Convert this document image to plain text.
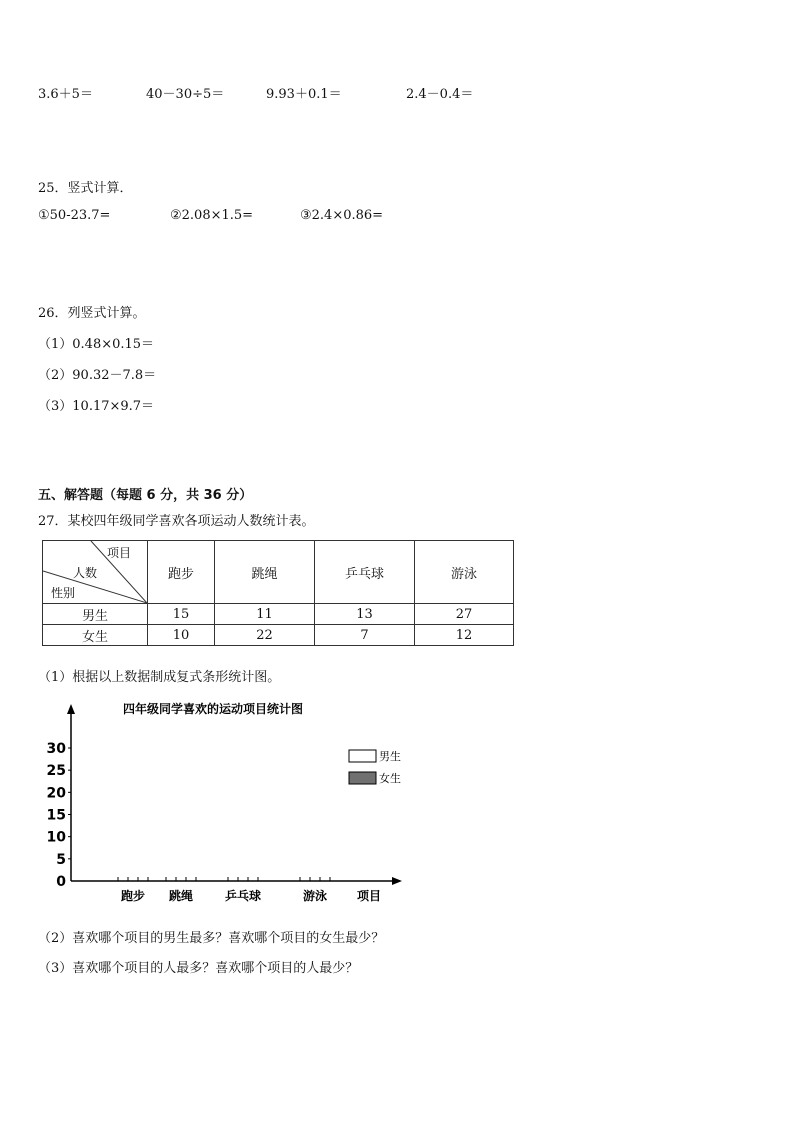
3.6＋5＝	40－30÷5＝	9.93＋0.1＝	2.4－0.4＝
25．竖式计算．
①50-23.7=	②2.08×1.5=	③2.4×0.86=
26．列竖式计算。
（1）0.48×0.15＝
（2）90.32－7.8＝
（3）10.17×9.7＝
五、解答题（每题 6 分，共 36 分）
27．某校四年级同学喜欢各项运动人数统计表。
项目
人数
性别	跑步	跳绳	乒乓球	游泳
男生	15	11	13	27
女生	10	22	7	12
（1）根据以上数据制成复式条形统计图。
四年级同学喜欢的运动项目统计图
0
5
10
15
20
25
30
跑步 跳绳	乒乓球	游泳 项目
男生
女生
（2）喜欢哪个项目的男生最多？喜欢哪个项目的女生最少？
（3）喜欢哪个项目的人最多？喜欢哪个项目的人最少？
